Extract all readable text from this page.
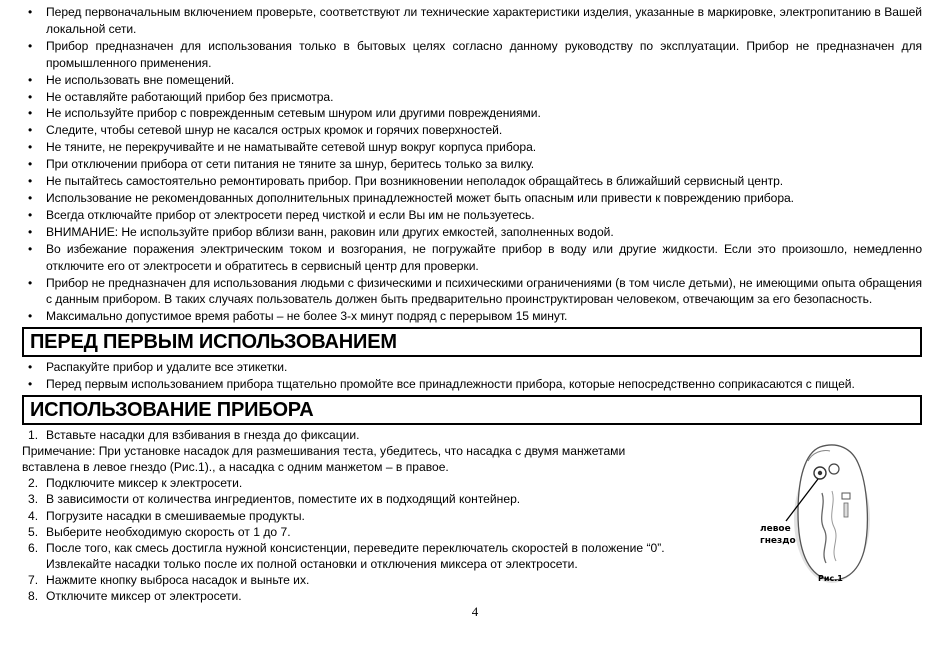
• Перед первоначальным включением проверьте, соответствуют ли технические характеристики изделия, указанные в маркировке, электропитанию в Вашей локальной сети.
• Прибор предназначен для использования только в бытовых целях согласно данному руководству по эксплуатации. Прибор не предназначен для промышленного применения.
• Не использовать вне помещений.
• Не оставляйте работающий прибор без присмотра.
• Не используйте прибор с поврежденным сетевым шнуром или другими повреждениями.
• Следите, чтобы сетевой шнур не касался острых кромок и горячих поверхностей.
• Не тяните, не перекручивайте и не наматывайте сетевой шнур вокруг корпуса прибора.
• При отключении прибора от сети питания не тяните за шнур, беритесь только за вилку.
• Не пытайтесь самостоятельно ремонтировать прибор. При возникновении неполадок обращайтесь в ближайший сервисный центр.
• Использование не рекомендованных дополнительных принадлежностей может быть опасным или привести к повреждению прибора.
• Всегда отключайте прибор от электросети перед чисткой и если Вы им не пользуетесь.
• ВНИМАНИЕ: Не используйте прибор вблизи ванн, раковин или других емкостей, заполненных водой.
• Во избежание поражения электрическим током и возгорания, не погружайте прибор в воду или другие жидкости. Если это произошло, немедленно отключите его от электросети и обратитесь в сервисный центр для проверки.
• Прибор не предназначен для использования людьми с физическими и психическими ограничениями (в том числе детьми), не имеющими опыта обращения с данным прибором. В таких случаях пользователь должен быть предварительно проинструктирован человеком, отвечающим за его безопасность.
• Максимально допустимое время работы – не более 3-х минут подряд с перерывом 15 минут.
ПЕРЕД ПЕРВЫМ ИСПОЛЬЗОВАНИЕМ
• Распакуйте прибор и удалите все этикетки.
• Перед первым использованием прибора тщательно промойте все принадлежности прибора, которые непосредственно соприкасаются с пищей.
ИСПОЛЬЗОВАНИЕ ПРИБОРА
1. Вставьте насадки для взбивания в гнезда до фиксации.
Примечание: При установке насадок для размешивания теста, убедитесь, что насадка с двумя манжетами
вставлена в левое гнездо (Рис.1)., а насадка с одним манжетом – в правое.
2. Подключите миксер к электросети.
3. В зависимости от количества ингредиентов, поместите их в подходящий контейнер.
4. Погрузите насадки в смешиваемые продукты.
5. Выберите необходимую скорость от 1 до 7.
6. После того, как смесь достигла нужной консистенции, переведите переключатель скоростей в положение “0”.
Извлекайте насадки только после их полной остановки и отключения миксера от электросети.
7. Нажмите кнопку выброса насадок и выньте их.
8. Отключите миксер от электросети.
левое
гнездо
Рис.1
4
